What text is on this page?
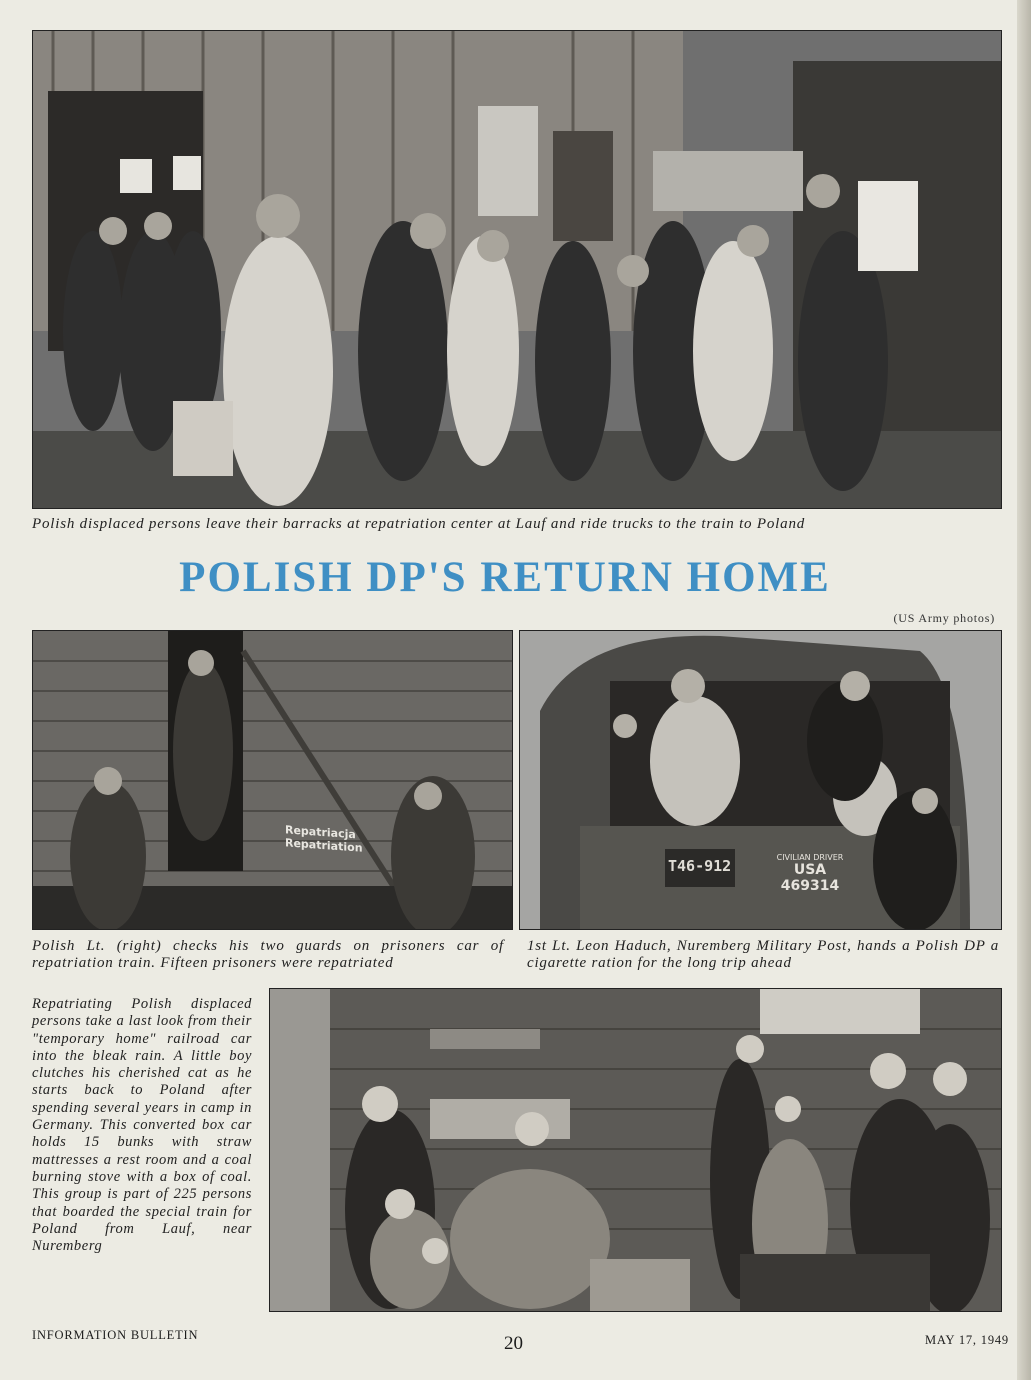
Polish displaced persons leave their barracks at repatriation center at Lauf and ride trucks to the train to Poland

POLISH DP'S RETURN HOME
(US Army photos)
Repatriacja
Repatriation

Polish Lt. (right) checks his two guards on prisoners car of repatriation train. Fifteen prisoners were repatriated

T46-912	CIVILIAN DRIVER
USA
469314

1st Lt. Leon Haduch, Nuremberg Military Post, hands a Polish DP a cigarette ration for the long trip ahead

Repatriating Polish displaced persons take a last look from their "temporary home" railroad car into the bleak rain. A little boy clutches his cherished cat as he starts back to Poland after spending several years in camp in Germany. This converted box car holds 15 bunks with straw mattresses a rest room and a coal burning stove with a box of coal. This group is part of 225 persons that boarded the special train for Poland from Lauf, near Nuremberg

INFORMATION BULLETIN	20	MAY 17, 1949
